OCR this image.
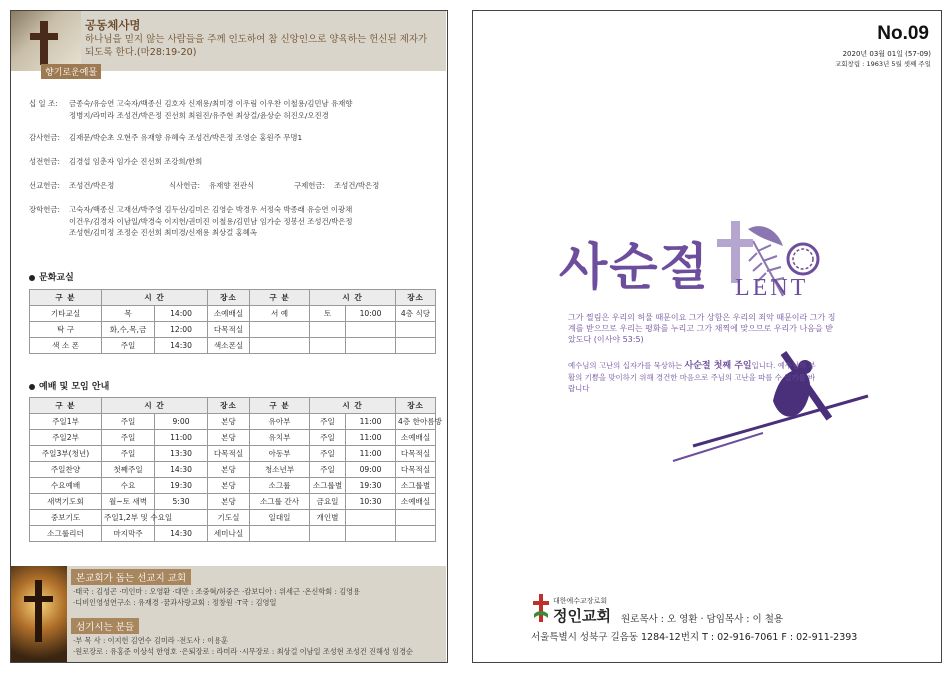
공동체사명
하나님을 믿지 않는 사람들을 주께 인도하여 참 신앙인으로 양육하는 헌신된 제자가 되도록 한다.(마28:19-20)
향기로운예물
십 일 조: 금종숙/유승연 고숙자/백종신 김호자 신재용/최미경 이우림 이우찬 이철용/김민남 유재향
정병지/라미라 조성건/박은정 진선희 최원진/유주현 최상걸/윤상순 허진오/오진경
감사헌금: 김재문/박순초 오현주 유재향 유혜숙 조성건/박은정 조영순 홍원주 무명1
성전헌금: 김경섭 임춘자 임가순 진선희 조강희/한희
선교헌금: 조성건/박은정	식사헌금: 유재향 전관식	구제헌금: 조성건/박은정
장학헌금: 고숙자/백종신 고재선/박주영 김두선/김미은 김영순 박경우 서정숙 박종래 유승연 이광채
이건우/김경자 이남일/박경숙 이지헌/권미진 이철용/김민남 임가순 정봉선 조성건/박은정
조성현/김미정 조정순 진선희 최미경/신재용 최상걸 홍혜옥
문화교실
구 분	시 간		장소	구 분	시 간		장소
기타교실	목	14:00	소예배실	서 예	토	10:00	4층 식당
탁 구	화,수,목,금	12:00	다목적실				
색 소 폰	주일	14:30	색소폰실				
예배 및 모임 안내
구 분	시 간		장소	구 분	시 간		장소
주일1부	주일	9:00	본당	유아부	주일	11:00	4층 한아름방
주일2부	주일	11:00	본당	유치부	주일	11:00	소예배실
주일3부(청년)	주일	13:30	다목적실	아동부	주일	11:00	다목적실
주일찬양	첫째주일	14:30	본당	청소년부	주일	09:00	다목적실
수요예배	수요	19:30	본당	소그룹	소그룹별	19:30	소그룹별
새벽기도회	월~토 새벽	5:30	본당	소그룹 간사	금요일	10:30	소예배실
중보기도	주일1,2부 및 수요일		기도실	일대일	개인별		
소그룹리더	마지막주	14:30	세미나실				
본교회가 돕는 선교지 교회
·태국 : 김성곤 ·미인마 : 오영환 ·대만 : 조중혁/허중은 ·캄보디아 : 위세근 ·온신학회 : 김영용
·디비인영성연구소 : 유재경 ·꿈과사랑교회 : 정창원 ·T국 : 김영일
섬기시는 분들
·부 목 사 : 이지헌 김연수 김미라 ·전도사 : 이용훈
·원로장로 : 유홍준 이상석 한영호 ·은퇴장로 : 라미라 ·시무장로 : 최상걸 이남일 조성현 조성건 진해성 임경순
No.09
2020년 03월 01일 (57-09)
교회창립 : 1963년 5월 셋째 주일
사순절 LENT
그가 찔림은 우리의 허물 때문이요 그가 상함은 우리의 죄악 때문이라 그가 징계를 받으므로 우리는 평화를 누리고 그가 채찍에 맞으므로 우리가 나음을 받았도다 (이사야 53:5)
예수님의 고난의 십자가를 묵상하는 사순절 첫째 주일입니다. 예수님의 부활의 기쁨을 맞이하기 위해 경건한 마음으로 주님의 고난을 따를 수 있기를 바랍니다
대한예수교장로회
정인교회 원로목사 : 오 영환 · 담임목사 : 이 철용
서울특별시 성북구 길음동 1284-12번지 T : 02-916-7061 F : 02-911-2393
